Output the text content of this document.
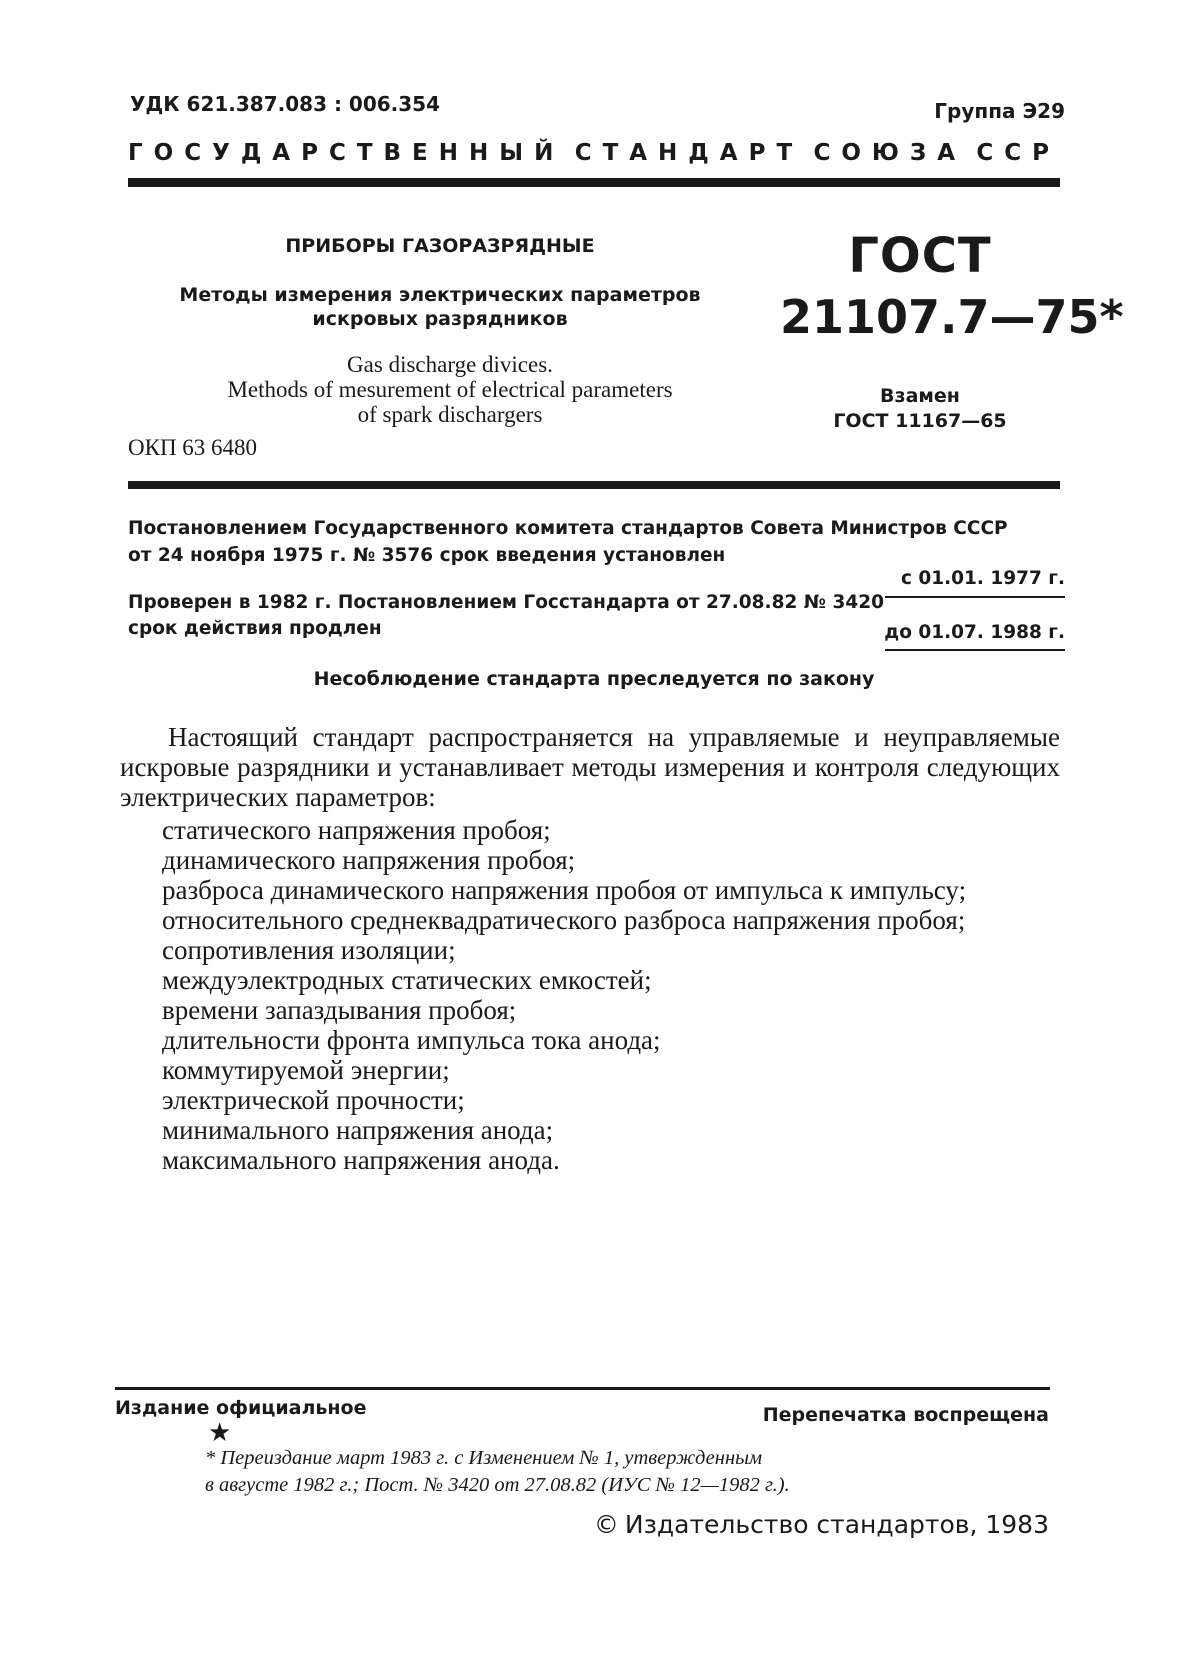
УДК 621.387.083 : 006.354	Группа Э29
ГОСУДАРСТВЕННЫЙ СТАНДАРТ СОЮЗА ССР
ПРИБОРЫ ГАЗОРАЗРЯДНЫЕ
Методы измерения электрических параметров
искровых разрядников
Gas discharge divices.
Methods of mesurement of electrical parameters
of spark dischargers
ОКП 63 6480
ГОСТ
21107.7—75*
Взамен
ГОСТ 11167—65
Постановлением Государственного комитета стандартов Совета Министров СССР
от 24 ноября 1975 г. № 3576 срок введения установлен
с 01.01. 1977 г.
Проверен в 1982 г. Постановлением Госстандарта от 27.08.82 № 3420
срок действия продлен	до 01.07. 1988 г.
Несоблюдение стандарта преследуется по закону
Настоящий стандарт распространяется на управляемые и неуправляемые искровые разрядники и устанавливает методы измерения и контроля следующих электрических параметров:
статического напряжения пробоя;
динамического напряжения пробоя;
разброса динамического напряжения пробоя от импульса к импульсу;
относительного среднеквадратического разброса напряжения пробоя;
сопротивления изоляции;
междуэлектродных статических емкостей;
времени запаздывания пробоя;
длительности фронта импульса тока анода;
коммутируемой энергии;
электрической прочности;
минимального напряжения анода;
максимального напряжения анода.
Издание официальное	Перепечатка воспрещена
★
* Переиздание март 1983 г. с Изменением № 1, утвержденным
в августе 1982 г.; Пост. № 3420 от 27.08.82 (ИУС № 12—1982 г.).
© Издательство стандартов, 1983
